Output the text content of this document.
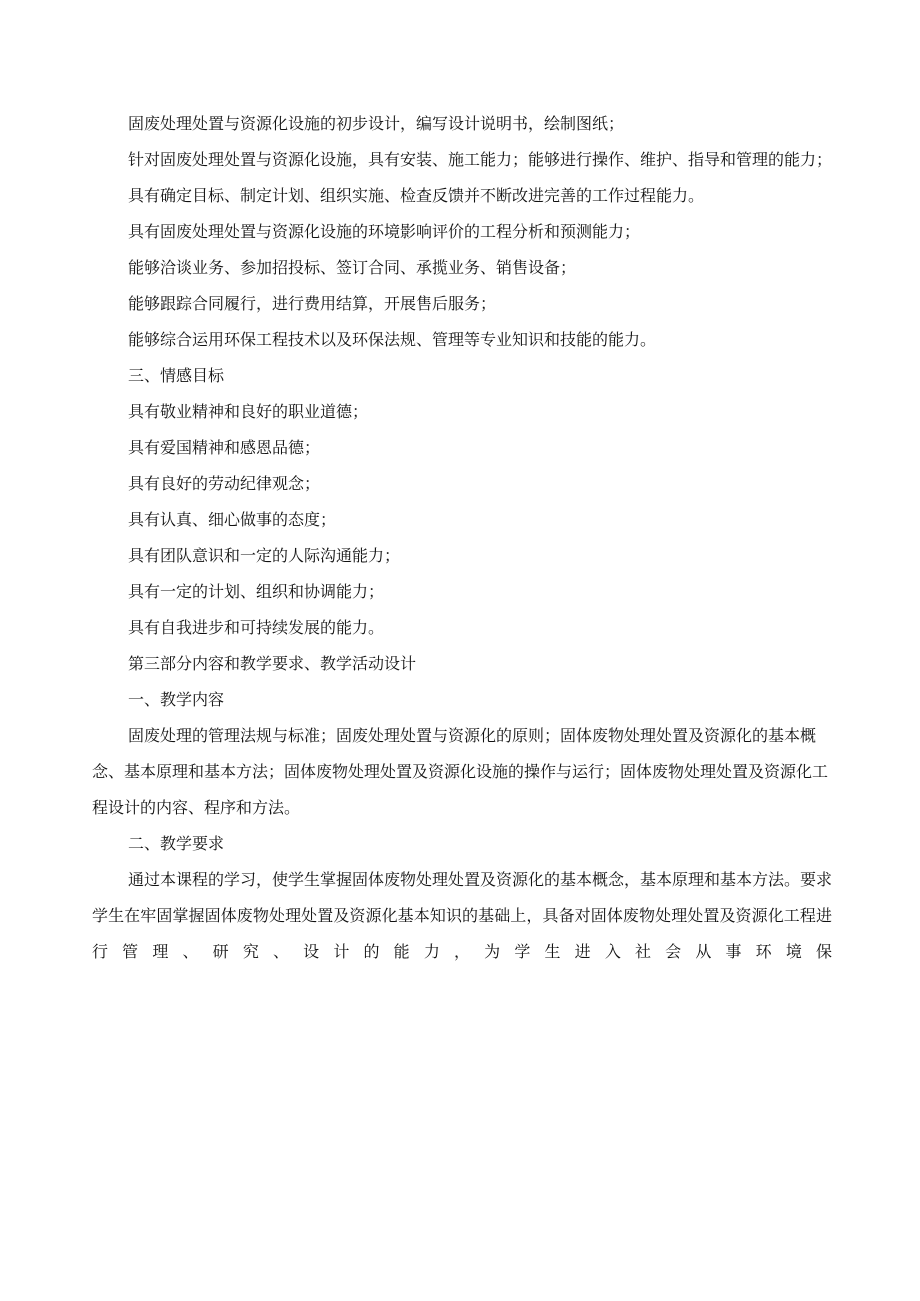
固废处理处置与资源化设施的初步设计，编写设计说明书，绘制图纸；

针对固废处理处置与资源化设施，具有安装、施工能力；能够进行操作、维护、指导和管理的能力；

具有确定目标、制定计划、组织实施、检查反馈并不断改进完善的工作过程能力。

具有固废处理处置与资源化设施的环境影响评价的工程分析和预测能力；

能够洽谈业务、参加招投标、签订合同、承揽业务、销售设备；

能够跟踪合同履行，进行费用结算，开展售后服务；

能够综合运用环保工程技术以及环保法规、管理等专业知识和技能的能力。

三、情感目标

具有敬业精神和良好的职业道德；

具有爱国精神和感恩品德；

具有良好的劳动纪律观念；

具有认真、细心做事的态度；

具有团队意识和一定的人际沟通能力；

具有一定的计划、组织和协调能力；

具有自我进步和可持续发展的能力。

第三部分内容和教学要求、教学活动设计

一、教学内容

固废处理的管理法规与标准；固废处理处置与资源化的原则；固体废物处理处置及资源化的基本概念、基本原理和基本方法；固体废物处理处置及资源化设施的操作与运行；固体废物处理处置及资源化工程设计的内容、程序和方法。

二、教学要求

通过本课程的学习，使学生掌握固体废物处理处置及资源化的基本概念，基本原理和基本方法。要求学生在牢固掌握固体废物处理处置及资源化基本知识的基础上，具备对固体废物处理处置及资源化工程进行管理、研究、设计的能力，为学生进入社会从事环境保
